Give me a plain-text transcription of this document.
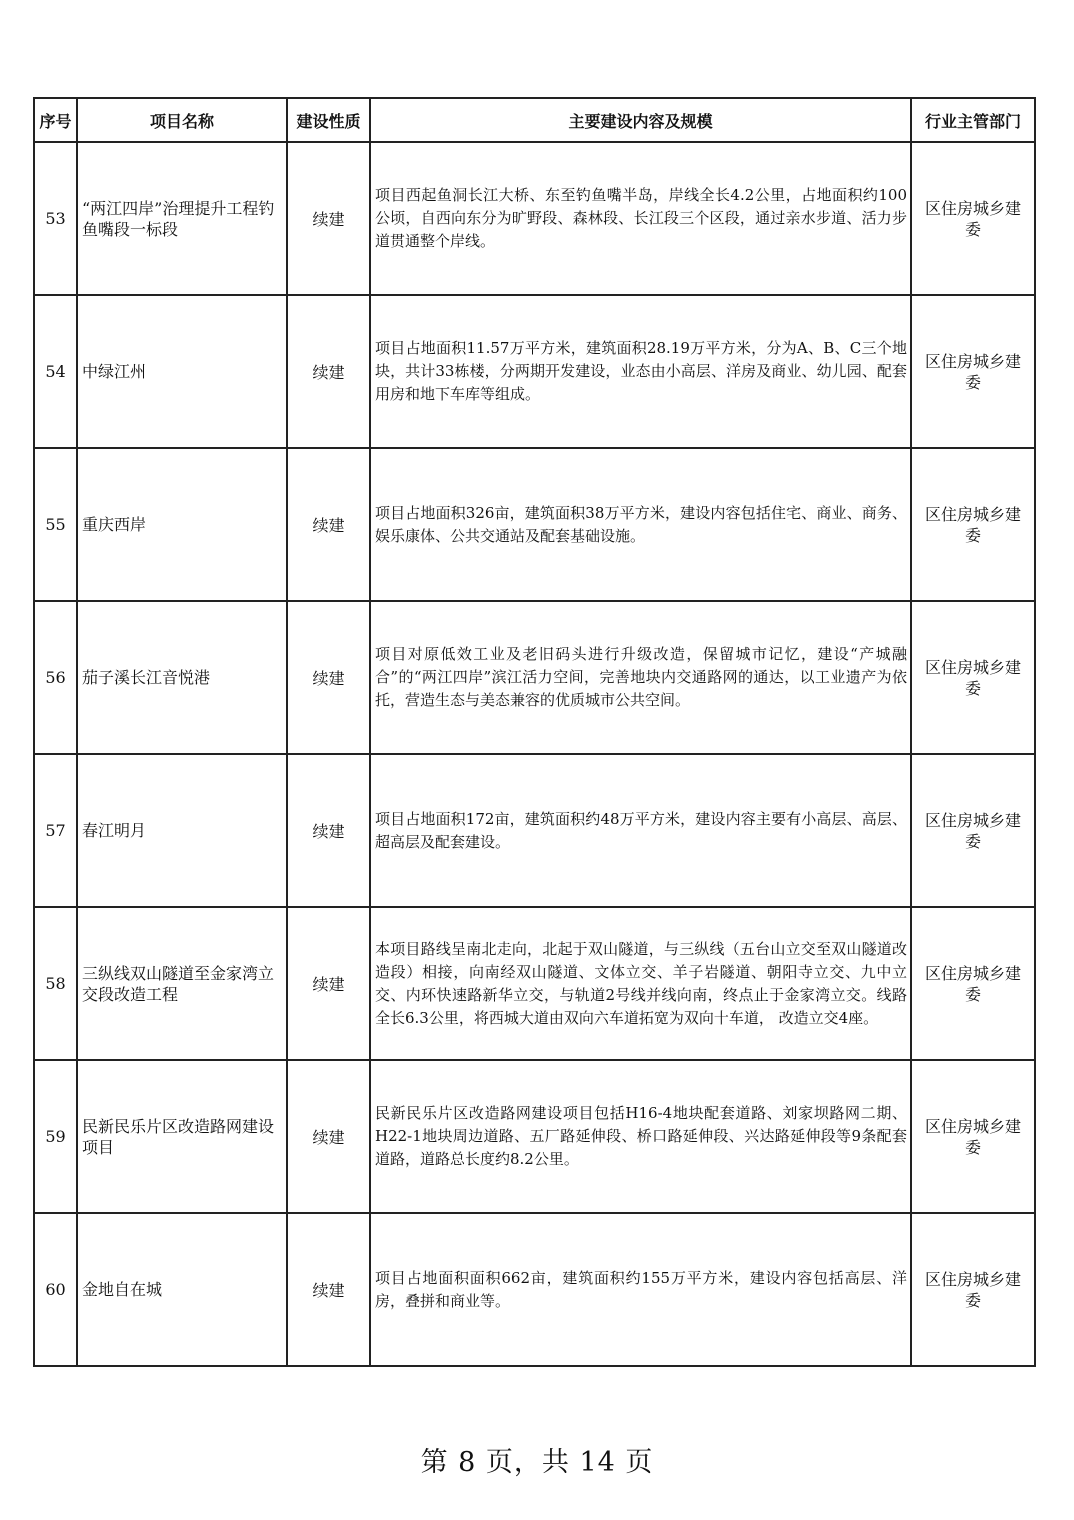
序号	项目名称	建设性质	主要建设内容及规模	行业主管部门
53	“两江四岸”治理提升工程钓鱼嘴段一标段	续建	项目西起鱼洞长江大桥、东至钓鱼嘴半岛，岸线全长4.2公里，占地面积约100公顷，自西向东分为旷野段、森林段、长江段三个区段，通过亲水步道、活力步道贯通整个岸线。	区住房城乡建委
54	中绿江州	续建	项目占地面积11.57万平方米，建筑面积28.19万平方米，分为A、B、C三个地块，共计33栋楼，分两期开发建设，业态由小高层、洋房及商业、幼儿园、配套用房和地下车库等组成。	区住房城乡建委
55	重庆西岸	续建	项目占地面积326亩，建筑面积38万平方米，建设内容包括住宅、商业、商务、娱乐康体、公共交通站及配套基础设施。	区住房城乡建委
56	茄子溪长江音悦港	续建	项目对原低效工业及老旧码头进行升级改造，保留城市记忆，建设“产城融合”的“两江四岸”滨江活力空间，完善地块内交通路网的通达，以工业遗产为依托，营造生态与美态兼容的优质城市公共空间。	区住房城乡建委
57	春江明月	续建	项目占地面积172亩，建筑面积约48万平方米，建设内容主要有小高层、高层、超高层及配套建设。	区住房城乡建委
58	三纵线双山隧道至金家湾立交段改造工程	续建	本项目路线呈南北走向，北起于双山隧道，与三纵线（五台山立交至双山隧道改造段）相接，向南经双山隧道、文体立交、羊子岩隧道、朝阳寺立交、九中立交、内环快速路新华立交，与轨道2号线并线向南，终点止于金家湾立交。线路全长6.3公里，将西城大道由双向六车道拓宽为双向十车道， 改造立交4座。	区住房城乡建委
59	民新民乐片区改造路网建设项目	续建	民新民乐片区改造路网建设项目包括H16-4地块配套道路、刘家坝路网二期、H22-1地块周边道路、五厂路延伸段、桥口路延伸段、兴达路延伸段等9条配套道路，道路总长度约8.2公里。	区住房城乡建委
60	金地自在城	续建	项目占地面积面积662亩，建筑面积约155万平方米，建设内容包括高层、洋房，叠拼和商业等。	区住房城乡建委
第 8 页，共 14 页
